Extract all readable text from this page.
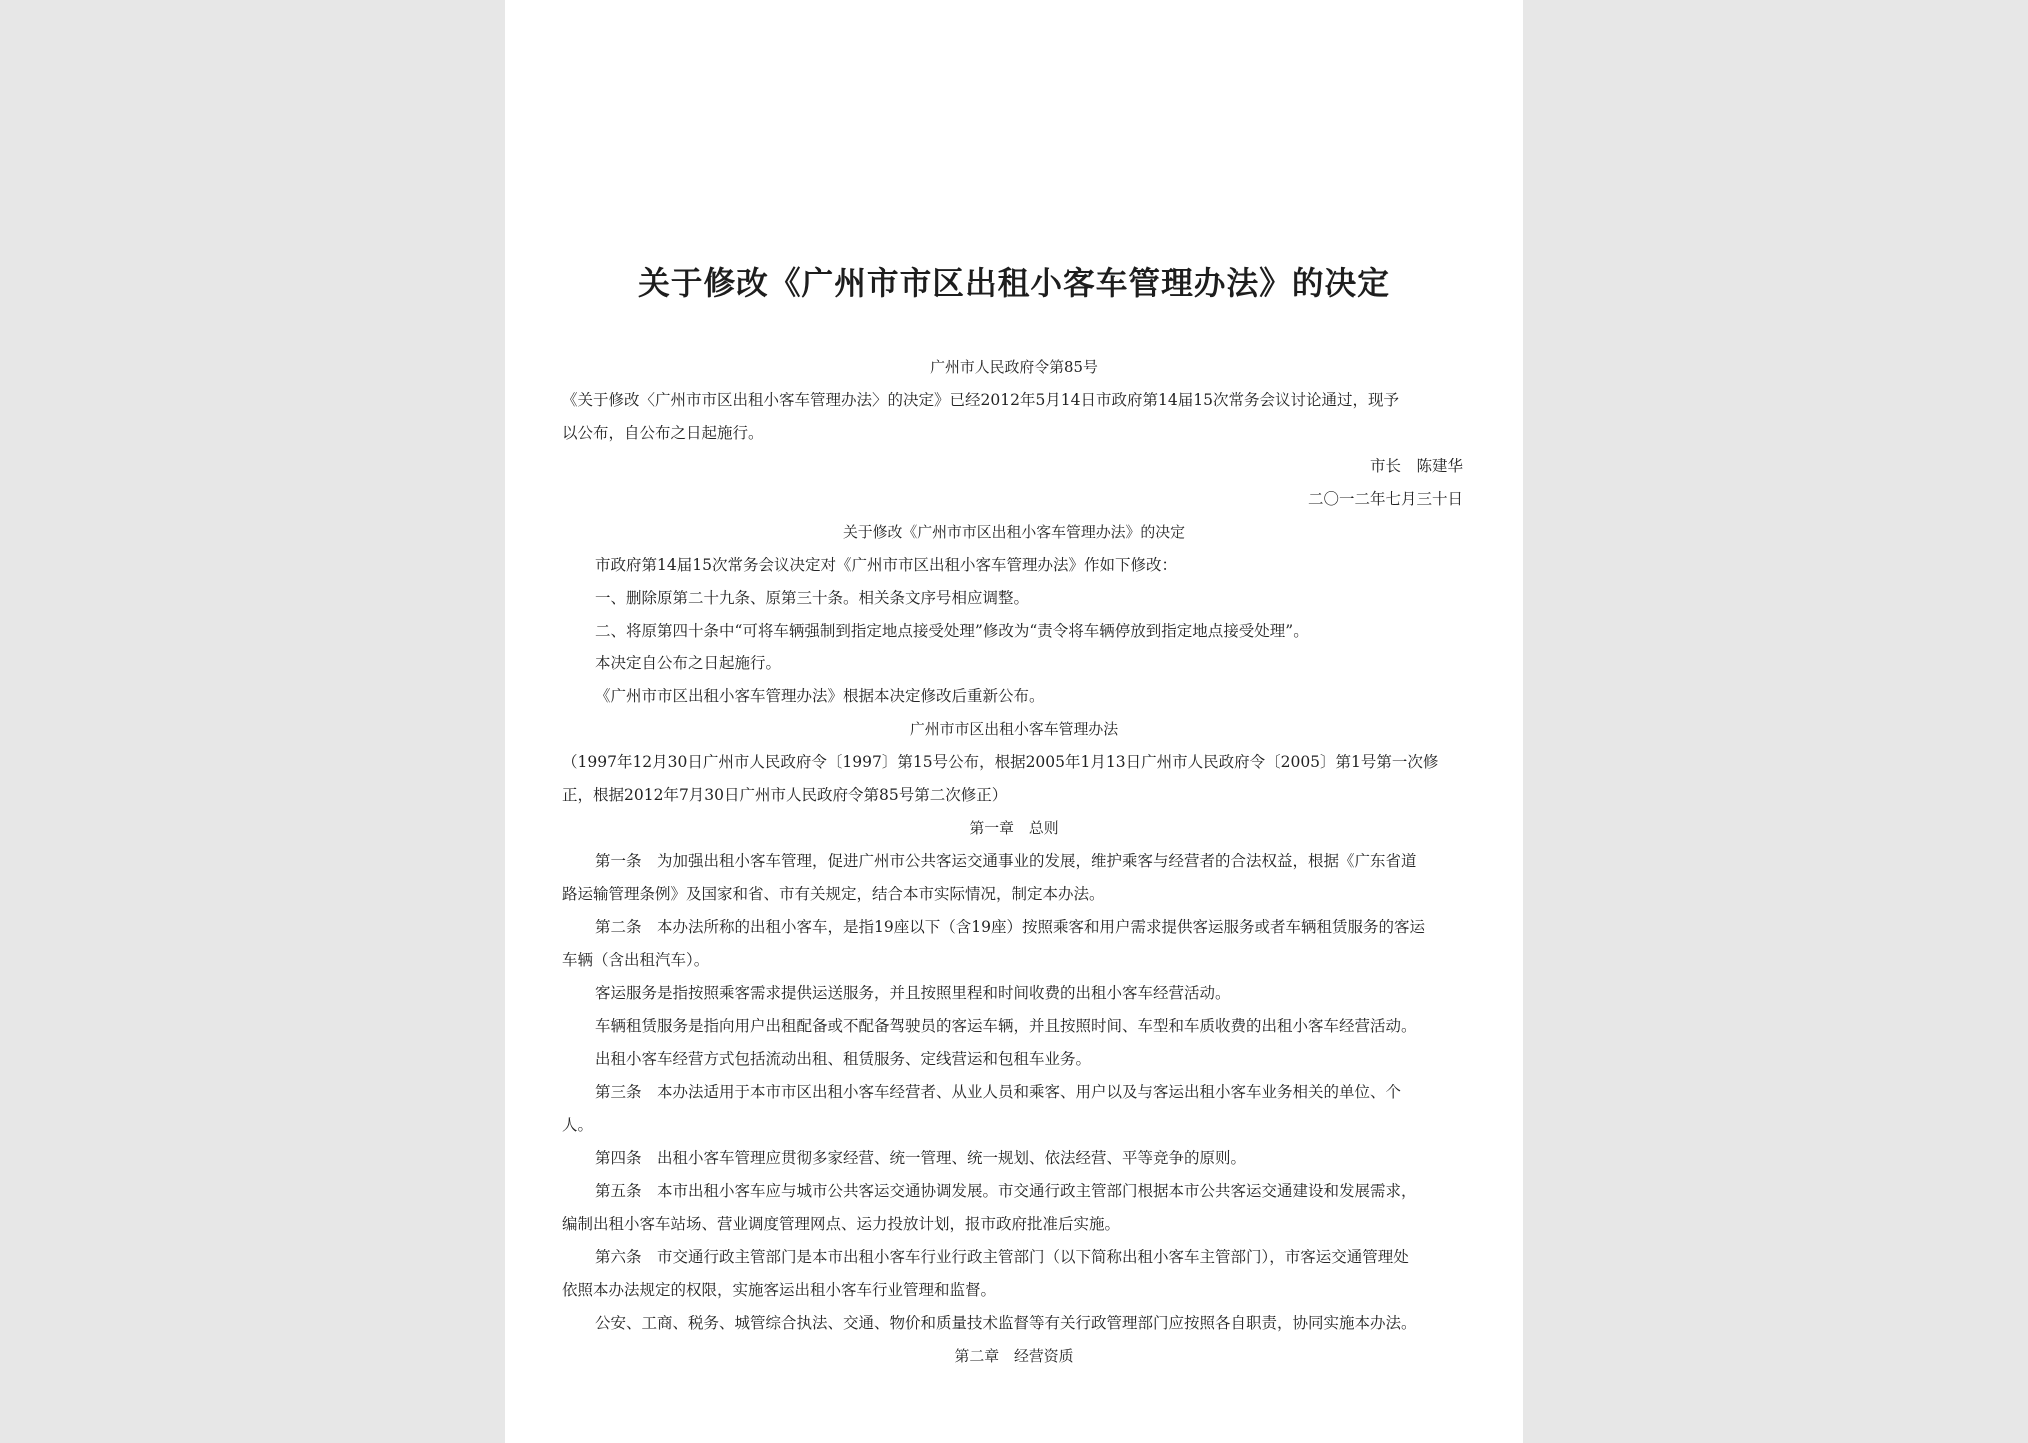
关于修改《广州市市区出租小客车管理办法》的决定
广州市人民政府令第85号
《关于修改〈广州市市区出租小客车管理办法〉的决定》已经2012年5月14日市政府第14届15次常务会议讨论通过，现予
以公布，自公布之日起施行。
市长　陈建华
二〇一二年七月三十日
关于修改《广州市市区出租小客车管理办法》的决定
市政府第14届15次常务会议决定对《广州市市区出租小客车管理办法》作如下修改：
一、删除原第二十九条、原第三十条。相关条文序号相应调整。
二、将原第四十条中“可将车辆强制到指定地点接受处理”修改为“责令将车辆停放到指定地点接受处理”。
本决定自公布之日起施行。
《广州市市区出租小客车管理办法》根据本决定修改后重新公布。
广州市市区出租小客车管理办法
（1997年12月30日广州市人民政府令〔1997〕第15号公布，根据2005年1月13日广州市人民政府令〔2005〕第1号第一次修
正，根据2012年7月30日广州市人民政府令第85号第二次修正）
第一章　总则
第一条　为加强出租小客车管理，促进广州市公共客运交通事业的发展，维护乘客与经营者的合法权益，根据《广东省道
路运输管理条例》及国家和省、市有关规定，结合本市实际情况，制定本办法。
第二条　本办法所称的出租小客车，是指19座以下（含19座）按照乘客和用户需求提供客运服务或者车辆租赁服务的客运
车辆（含出租汽车）。
客运服务是指按照乘客需求提供运送服务，并且按照里程和时间收费的出租小客车经营活动。
车辆租赁服务是指向用户出租配备或不配备驾驶员的客运车辆，并且按照时间、车型和车质收费的出租小客车经营活动。
出租小客车经营方式包括流动出租、租赁服务、定线营运和包租车业务。
第三条　本办法适用于本市市区出租小客车经营者、从业人员和乘客、用户以及与客运出租小客车业务相关的单位、个
人。
第四条　出租小客车管理应贯彻多家经营、统一管理、统一规划、依法经营、平等竞争的原则。
第五条　本市出租小客车应与城市公共客运交通协调发展。市交通行政主管部门根据本市公共客运交通建设和发展需求，
编制出租小客车站场、营业调度管理网点、运力投放计划，报市政府批准后实施。
第六条　市交通行政主管部门是本市出租小客车行业行政主管部门（以下简称出租小客车主管部门），市客运交通管理处
依照本办法规定的权限，实施客运出租小客车行业管理和监督。
公安、工商、税务、城管综合执法、交通、物价和质量技术监督等有关行政管理部门应按照各自职责，协同实施本办法。
第二章　经营资质
